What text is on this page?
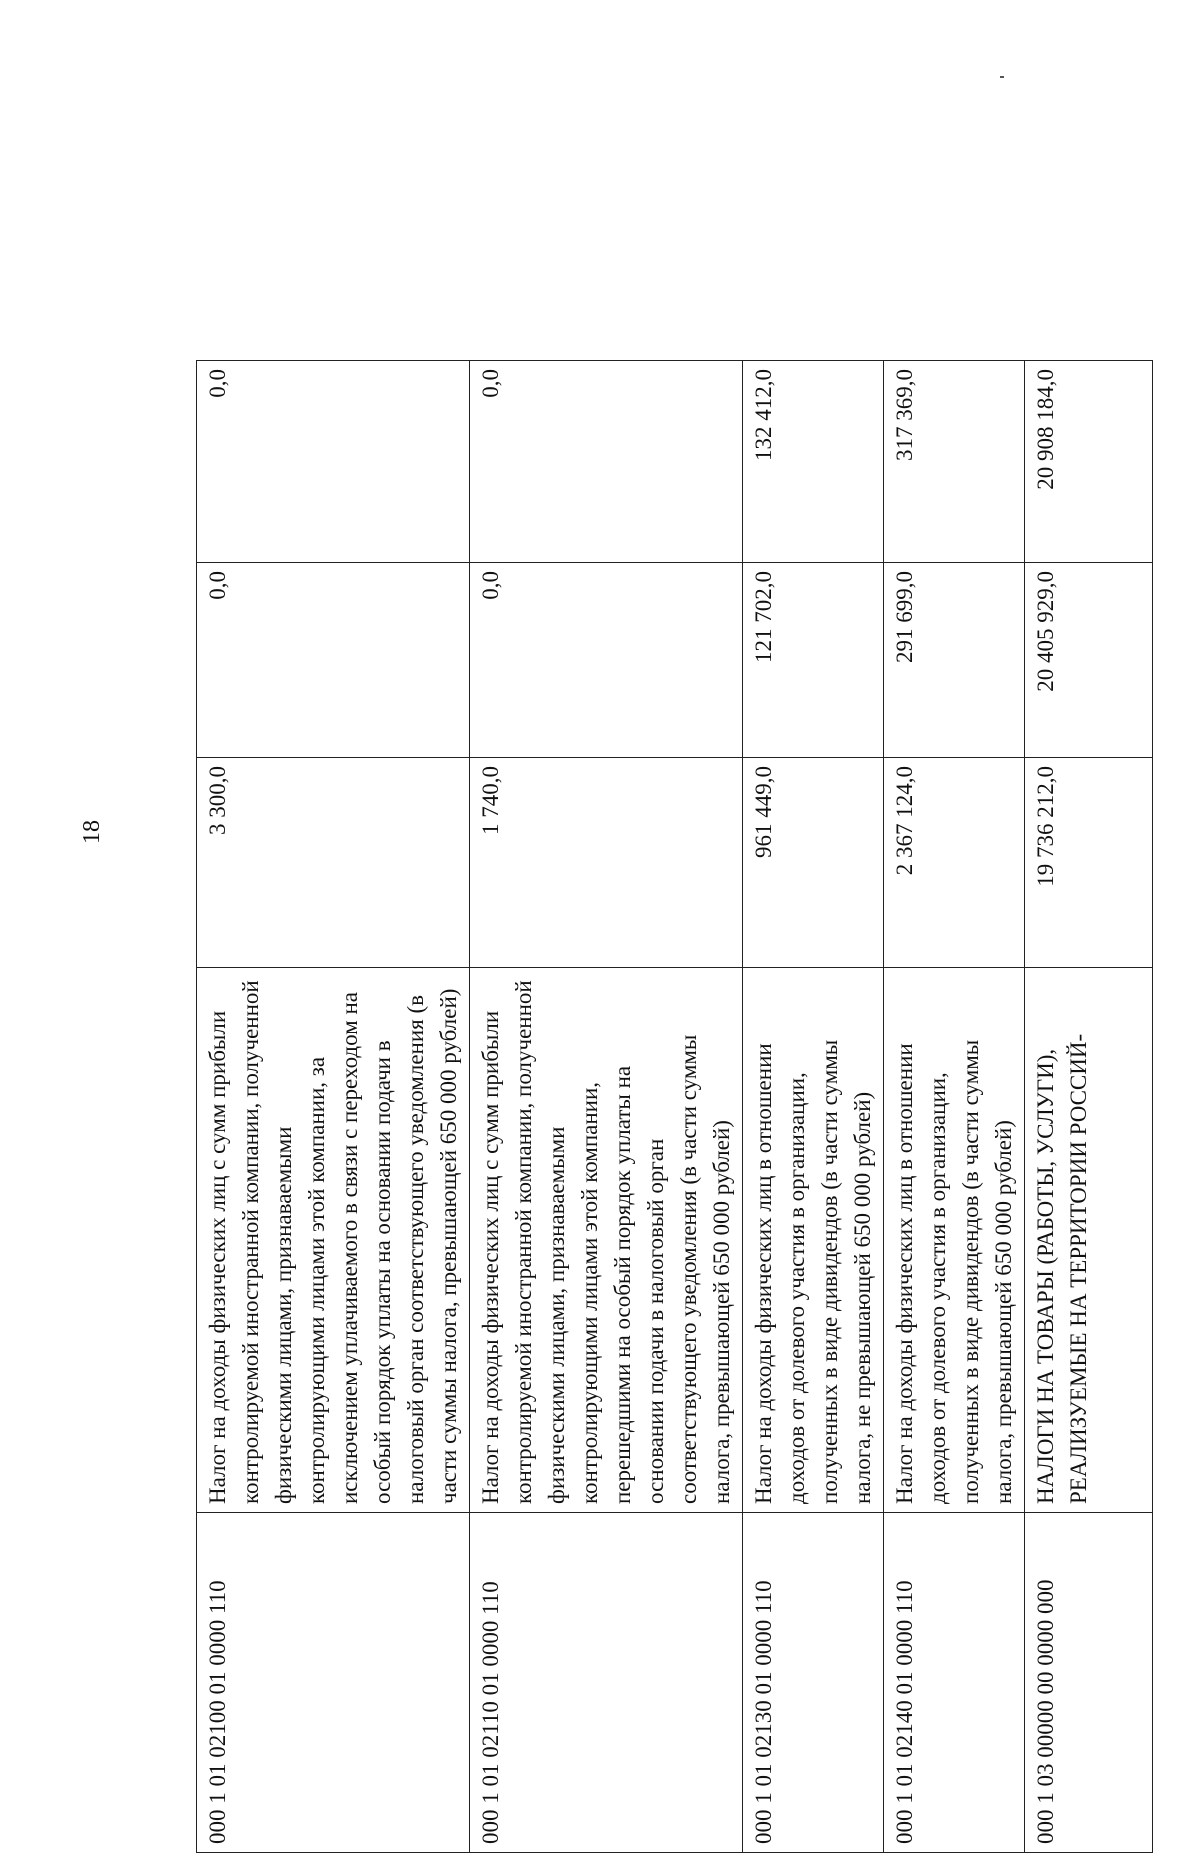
18
000 1 01 02100 01 0000 110	Налог на доходы физических лиц с сумм прибыли контролируемой иностранной компании, полученной физическими лицами, признаваемыми контролирующими лицами этой компании, за исключением уплачиваемого в связи с переходом на особый порядок уплаты на основании подачи в налоговый орган соответствующего уведомления (в части суммы налога, превышающей 650 000 рублей)	3 300,0	0,0	0,0
000 1 01 02110 01 0000 110	Налог на доходы физических лиц с сумм прибыли контролируемой иностранной компании, полученной физическими лицами, признаваемыми контролирующими лицами этой компании, перешедшими на особый порядок уплаты на основании подачи в налоговый орган соответствующего уведомления (в части суммы налога, превышающей 650 000 рублей)	1 740,0	0,0	0,0
000 1 01 02130 01 0000 110	Налог на доходы физических лиц в отношении доходов от долевого участия в организации, полученных в виде дивидендов (в части суммы налога, не превышающей 650 000 рублей)	961 449,0	121 702,0	132 412,0
000 1 01 02140 01 0000 110	Налог на доходы физических лиц в отношении доходов от долевого участия в организации, полученных в виде дивидендов (в части суммы налога, превышающей 650 000 рублей)	2 367 124,0	291 699,0	317 369,0
000 1 03 00000 00 0000 000	НАЛОГИ НА ТОВАРЫ (РАБОТЫ, УСЛУГИ), РЕАЛИЗУЕМЫЕ НА ТЕРРИТОРИИ РОССИЙ-	19 736 212,0	20 405 929,0	20 908 184,0
